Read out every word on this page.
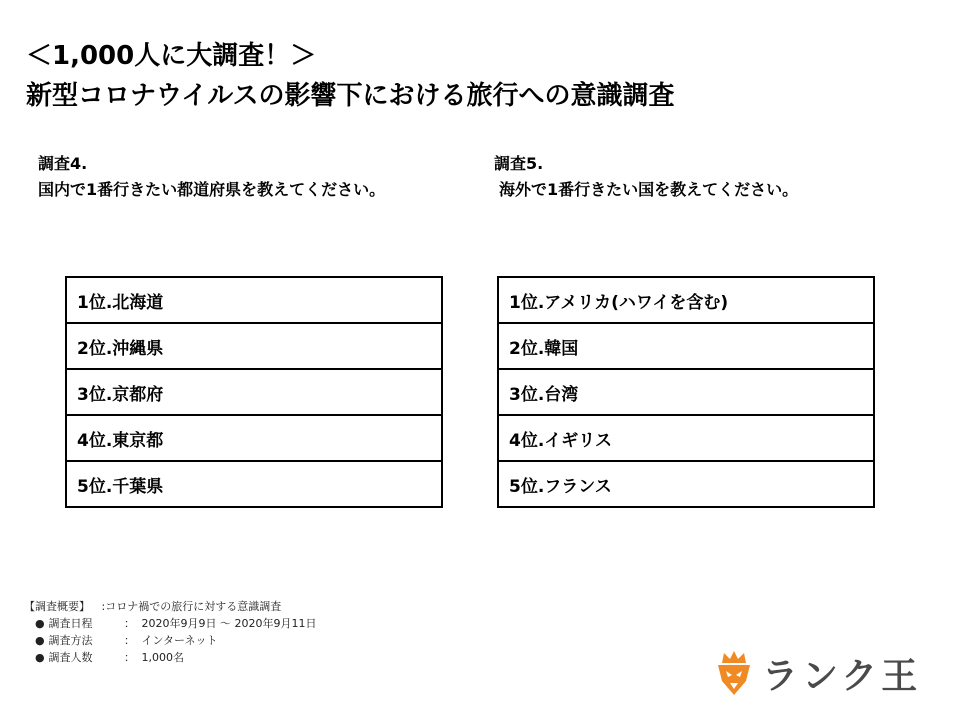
＜1,000人に大調査！＞
新型コロナウイルスの影響下における旅行への意識調査
調査4.
国内で1番行きたい都道府県を教えてください。
調査5.
海外で1番行きたい国を教えてください。
1位.北海道
2位.沖縄県
3位.京都府
4位.東京都
5位.千葉県
1位.アメリカ(ハワイを含む)
2位.韓国
3位.台湾
4位.イギリス
5位.フランス
【調査概要】 :コロナ禍での旅行に対する意識調査
● 調査日程	： 2020年9月9日 〜 2020年9月11日
● 調査方法	： インターネット
● 調査人数	： 1,000名	ランク王
